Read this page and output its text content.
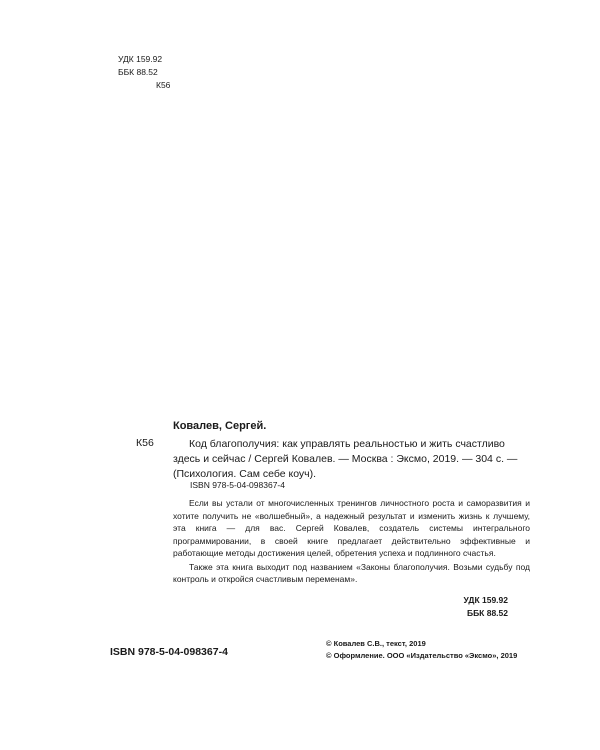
УДК 159.92
ББК 88.52
К56
Ковалев, Сергей.
К56	Код благополучия: как управлять реальностью и жить счастливо здесь и сейчас / Сергей Ковалев. — Москва : Эксмо, 2019. — 304 с. — (Психология. Сам себе коуч).
ISBN 978-5-04-098367-4

Если вы устали от многочисленных тренингов личностного роста и самоpазвития и хотите получить не «волшебный», а надежный результат и изменить жизнь к лучшему, эта книга — для вас. Сергей Ковалев, создатель системы интегрального программировании, в своей книге предлагает действительно эффективные и работающие методы достижения целей, обретения успеха и подлинного счастья.

Также эта книга выходит под названием «Законы благополучия. Возьми судьбу под контроль и откройся счастливым переменам».

УДК 159.92
ББК 88.52
ISBN 978-5-04-098367-4
© Ковалев С.В., текст, 2019
© Оформление. ООО «Издательство «Эксмо», 2019
